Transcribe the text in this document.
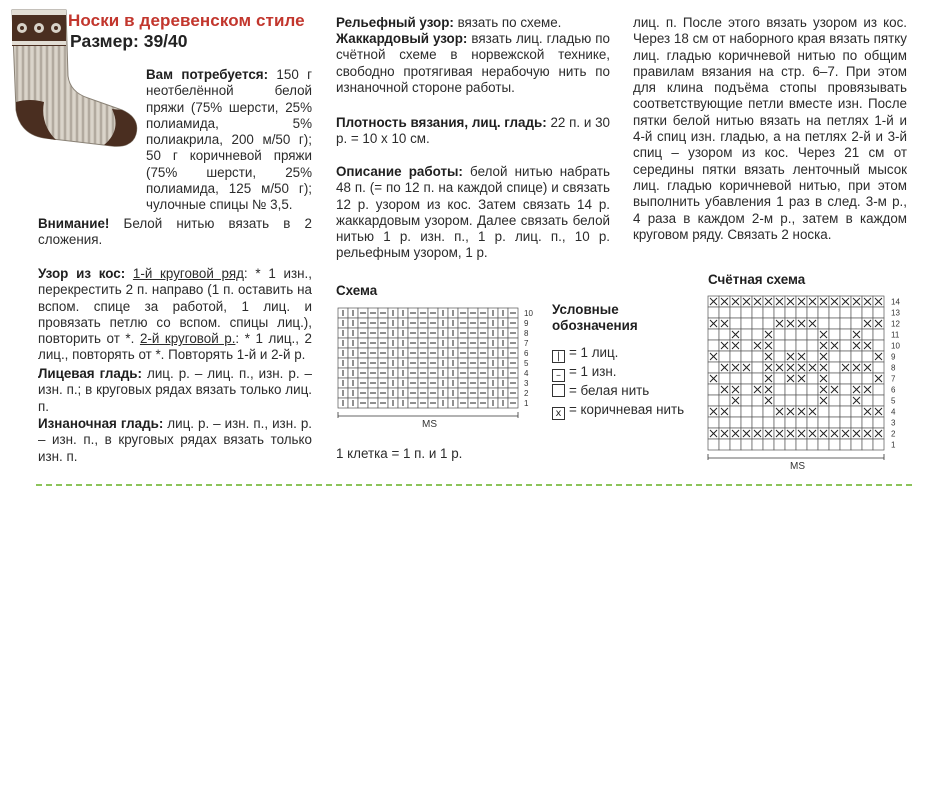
Носки в деревенском стиле
Размер: 39/40
Вам потребуется: 150 г неотбелённой белой пряжи (75% шерсти, 25% полиамида, 5% полиакрила, 200 м/50 г); 50 г коричневой пряжи (75% шерсти, 25% полиамида, 125 м/50 г); чулочные спицы № 3,5.
Внимание! Белой нитью вязать в 2 сложения.
Узор из кос: 1-й круговой ряд: * 1 изн., перекрестить 2 п. направо (1 п. оставить на вспом. спице за работой, 1 лиц. и провязать петлю со вспом. спицы лиц.), повторить от *. 2-й круговой р.: * 1 лиц., 2 лиц., повторять от *. Повторять 1-й и 2-й р.
Лицевая гладь: лиц. р. – лиц. п., изн. р. – изн. п.; в круговых рядах вязать только лиц. п.
Изнаночная гладь: лиц. р. – изн. п., изн. р. – изн. п., в круговых рядах вязать только изн. п.
Рельефный узор: вязать по схеме.
Жаккардовый узор: вязать лиц. гладью по счётной схеме в норвежской технике, свободно протягивая нерабочую нить по изнаночной стороне работы.
Плотность вязания, лиц. гладь: 22 п. и 30 р. = 10 x 10 см.
Описание работы: белой нитью набрать 48 п. (= по 12 п. на каждой спице) и связать 12 р. узором из кос. Затем связать 14 р. жаккардовым узором. Далее связать белой нитью 1 р. изн. п., 1 р. лиц. п., 10 р. рельефным узором, 1 р.
лиц. п. После этого вязать узором из кос. Через 18 см от наборного края вязать пятку лиц. гладью коричневой нитью по общим правилам вязания на стр. 6–7. При этом для клина подъёма стопы провязывать соответствующие петли вместе изн. После пятки белой нитью вязать на петлях 1-й и 4-й спиц изн. гладью, а на петлях 2-й и 3-й спиц – узором из кос. Через 21 см от середины пятки вязать ленточный мысок лиц. гладью коричневой нитью, при этом выполнить убавления 1 раз в след. 3-м р., 4 раза в каждом 2-м р., затем в каждом круговом ряду. Связать 2 носка.
Схема
10
9
8
7
6
5
4
3
2
1
MS
1 клетка = 1 п. и 1 р.
Условные
обозначения
| = 1 лиц.
– = 1 изн.
= белая нить
x = коричневая нить
Счётная схема
14
13
12
11
10
9
8
7
6
5
4
3
2
1
MS
